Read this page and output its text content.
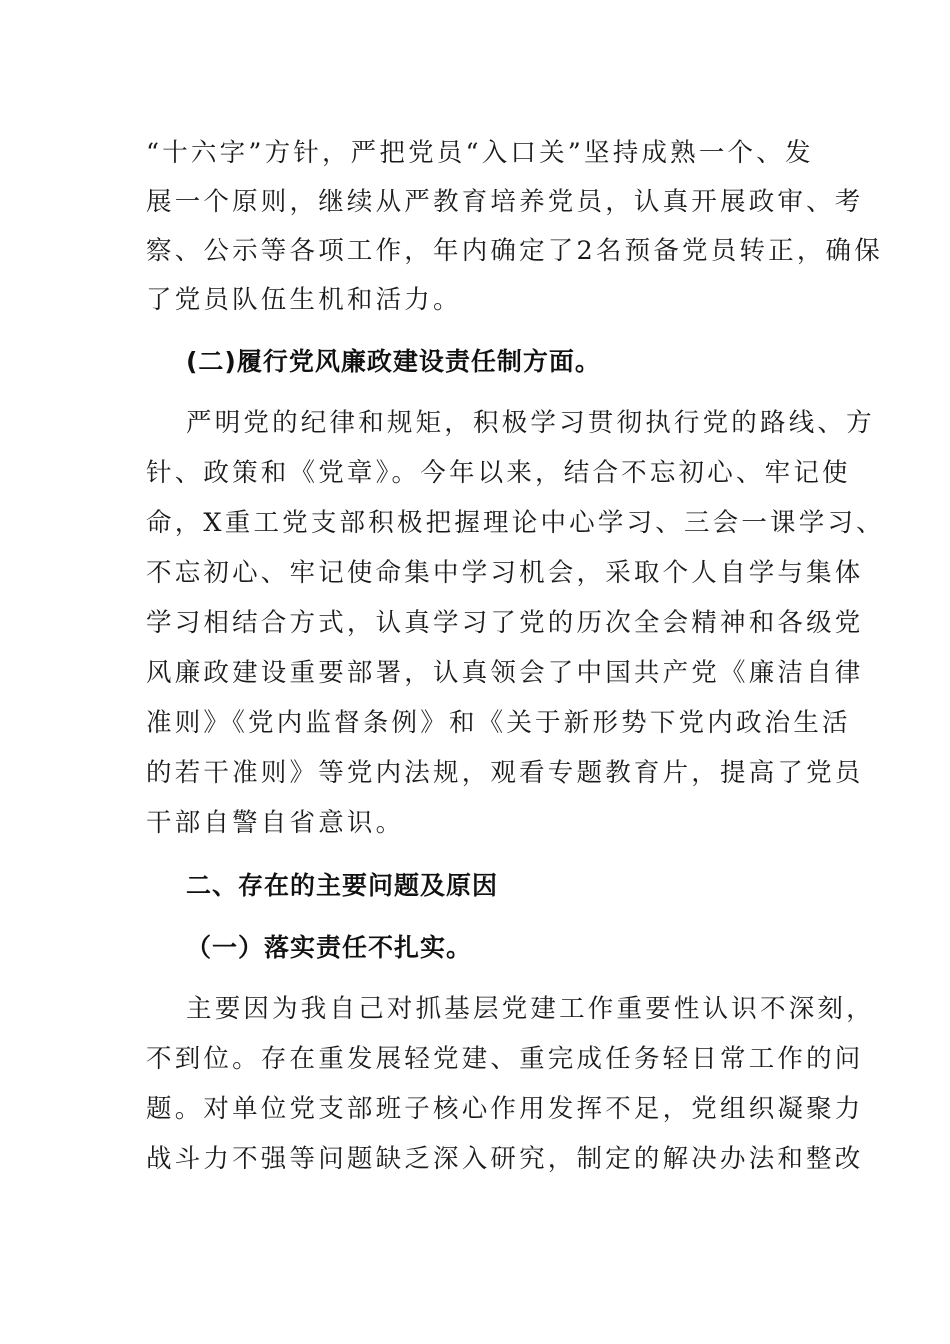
“十六字”方针，严把党员“入口关”坚持成熟一个、发
展一个原则，继续从严教育培养党员，认真开展政审、考
察、公示等各项工作，年内确定了2名预备党员转正，确保
了党员队伍生机和活力。
(二)履行党风廉政建设责任制方面。
严明党的纪律和规矩，积极学习贯彻执行党的路线、方
针、政策和《党章》。今年以来，结合不忘初心、牢记使
命，X重工党支部积极把握理论中心学习、三会一课学习、
不忘初心、牢记使命集中学习机会，采取个人自学与集体
学习相结合方式，认真学习了党的历次全会精神和各级党
风廉政建设重要部署，认真领会了中国共产党《廉洁自律
准则》《党内监督条例》和《关于新形势下党内政治生活
的若干准则》等党内法规，观看专题教育片，提高了党员
干部自警自省意识。
二、存在的主要问题及原因
（一）落实责任不扎实。
主要因为我自己对抓基层党建工作重要性认识不深刻，
不到位。存在重发展轻党建、重完成任务轻日常工作的问
题。对单位党支部班子核心作用发挥不足，党组织凝聚力
战斗力不强等问题缺乏深入研究，制定的解决办法和整改
